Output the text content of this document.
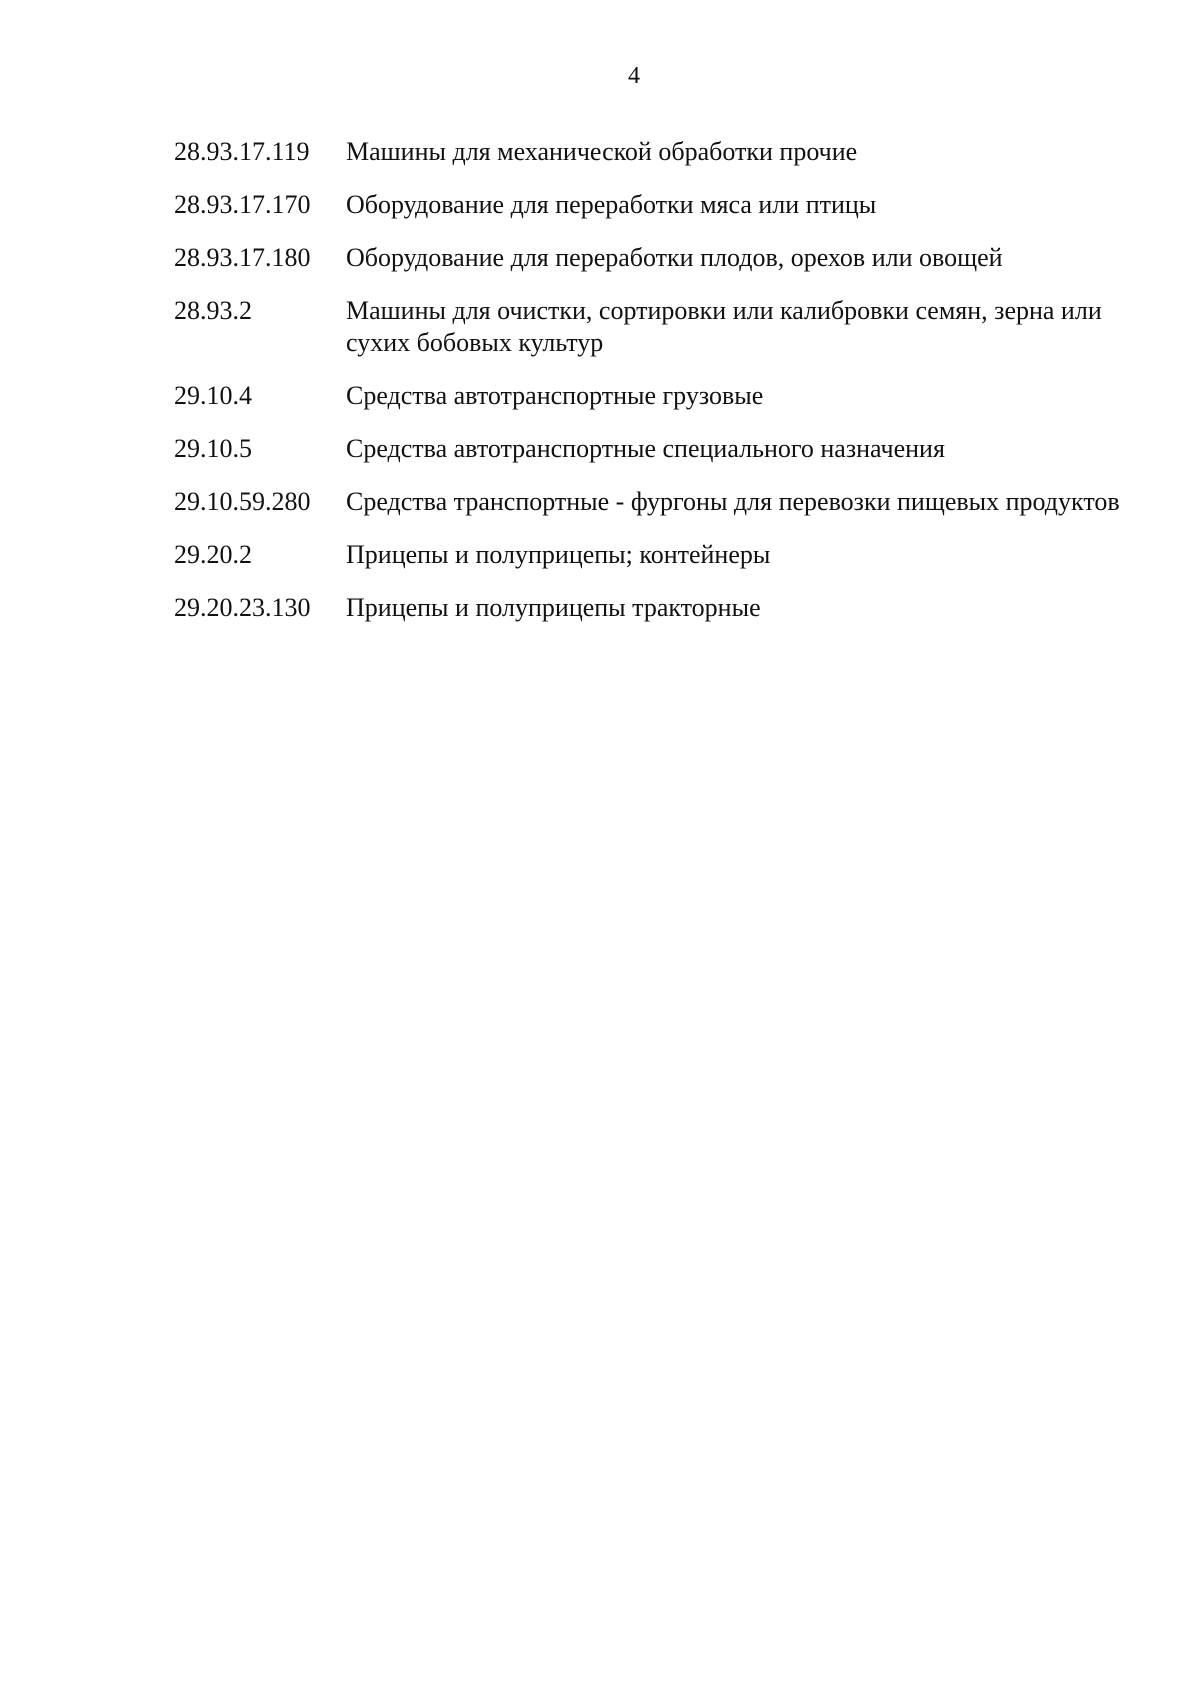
4
28.93.17.119	Машины для механической обработки прочие
28.93.17.170	Оборудование для переработки мяса или птицы
28.93.17.180	Оборудование для переработки плодов, орехов или овощей
28.93.2	Машины для очистки, сортировки или калибровки семян, зерна или сухих бобовых культур
29.10.4	Средства автотранспортные грузовые
29.10.5	Средства автотранспортные специального назначения
29.10.59.280	Средства транспортные - фургоны для перевозки пищевых продуктов
29.20.2	Прицепы и полуприцепы; контейнеры
29.20.23.130	Прицепы и полуприцепы тракторные
